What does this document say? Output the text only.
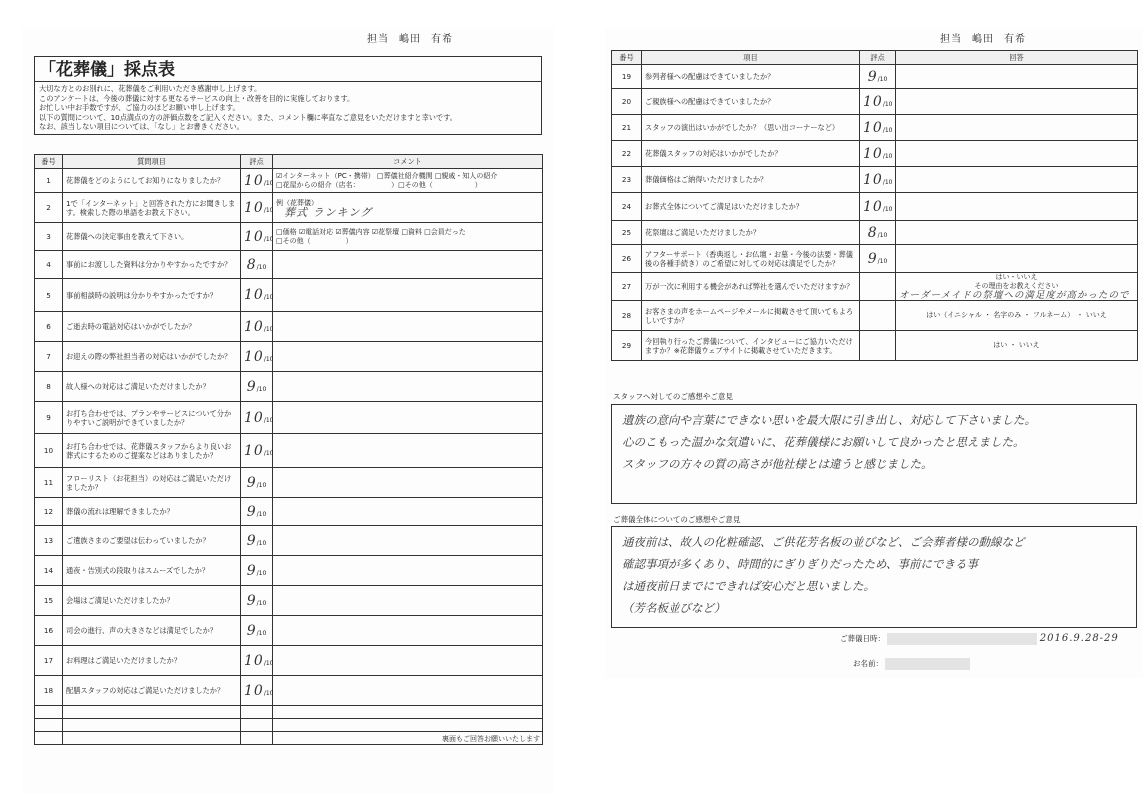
担当 嶋田 有希
「花葬儀」採点表
大切な方とのお別れに、花葬儀をご利用いただき感謝申し上げます。
このアンケートは、今後の葬儀に対する更なるサービスの向上・改善を目的に実施しております。
お忙しい中お手数ですが、ご協力のほどお願い申し上げます。
以下の質問について、10点満点の方の評価点数をご記入ください。また、コメント欄に率直なご意見をいただけますと幸いです。
なお、該当しない項目については、「なし」とお書きください。
番号	質問項目	評点	コメント
1	花葬儀をどのようにしてお知りになりましたか？	10/10	☑インターネット（PC・携帯） □葬儀社紹介機関 □親戚・知人の紹介
□花屋からの紹介（店名：　　　　　）□その他（　　　　　　）

2	1で「インターネット」と回答された方にお聞きします。検索した際の単語をお教え下さい。	10/10	例（花葬儀）
葬式 ランキング

3	花葬儀への決定事由を教えて下さい。	10/10	□価格 ☑電話対応 ☑葬儀内容 ☑花祭壇 □資料 □会員だった
□その他（　　　　　）

4	事前にお渡しした資料は分かりやすかったですか？	8/10	
5	事前相談時の説明は分かりやすかったですか？	10/10	
6	ご逝去時の電話対応はいかがでしたか？	10/10	
7	お迎えの際の弊社担当者の対応はいかがでしたか？	10/10	
8	故人様への対応はご満足いただけましたか？	9/10	
9	お打ち合わせでは、プランやサービスについて分かりやすいご説明ができていましたか？	10/10	
10	お打ち合わせでは、花葬儀スタッフからより良いお葬式にするためのご提案などはありましたか？	10/10	
11	フローリスト（お花担当）の対応はご満足いただけましたか？	9/10	
12	葬儀の流れは理解できましたか？	9/10	
13	ご遺族さまのご要望は伝わっていましたか？	9/10	
14	通夜・告別式の段取りはスムーズでしたか？	9/10	
15	会場はご満足いただけましたか？	9/10	
16	司会の進行、声の大きさなどは満足でしたか？	9/10	
17	お料理はご満足いただけましたか？	10/10	
18	配膳スタッフの対応はご満足いただけましたか？	10/10	

裏面もご回答お願いいたします
担当 嶋田 有希
番号	項目	評点	回答
19	参列者様への配慮はできていましたか？	9/10	
20	ご親族様への配慮はできていましたか？	10/10	
21	スタッフの演出はいかがでしたか？（思い出コーナーなど）	10/10	
22	花葬儀スタッフの対応はいかがでしたか？	10/10	
23	葬儀価格はご納得いただけましたか？	10/10	
24	お葬式全体についてご満足はいただけましたか？	10/10	
25	花祭壇はご満足いただけましたか？	8/10	
26	アフターサポート（香典返し・お仏壇・お墓・今後の法要・葬儀後の各種手続き）のご希望に対しての対応は満足でしたか？	9/10	
27	万が一次に利用する機会があれば弊社を選んでいただけますか？		はい・いいえ
その理由をお教えください
オーダーメイドの祭壇への満足度が高かったので

28	お客さまの声をホームページやメールに掲載させて頂いてもよろしいですか？		はい（イニシャル ・ 名字のみ ・ フルネーム） ・ いいえ

29	今回執り行ったご葬儀について、インタビューにご協力いただけますか？※花葬儀ウェブサイトに掲載させていただきます。		はい ・ いいえ
スタッフへ対してのご感想やご意見
遺族の意向や言葉にできない思いを最大限に引き出し、対応して下さいました。
心のこもった温かな気遣いに、花葬儀様にお願いして良かったと思えました。
スタッフの方々の質の高さが他社様とは違うと感じました。
ご葬儀全体についてのご感想やご意見
通夜前は、故人の化粧確認、ご供花芳名板の並びなど、ご会葬者様の動線など
確認事項が多くあり、時間的にぎりぎりだったため、事前にできる事
は通夜前日までにできれば安心だと思いました。
（芳名板並びなど）
ご葬儀日時：	2016.9.28-29
お名前：
